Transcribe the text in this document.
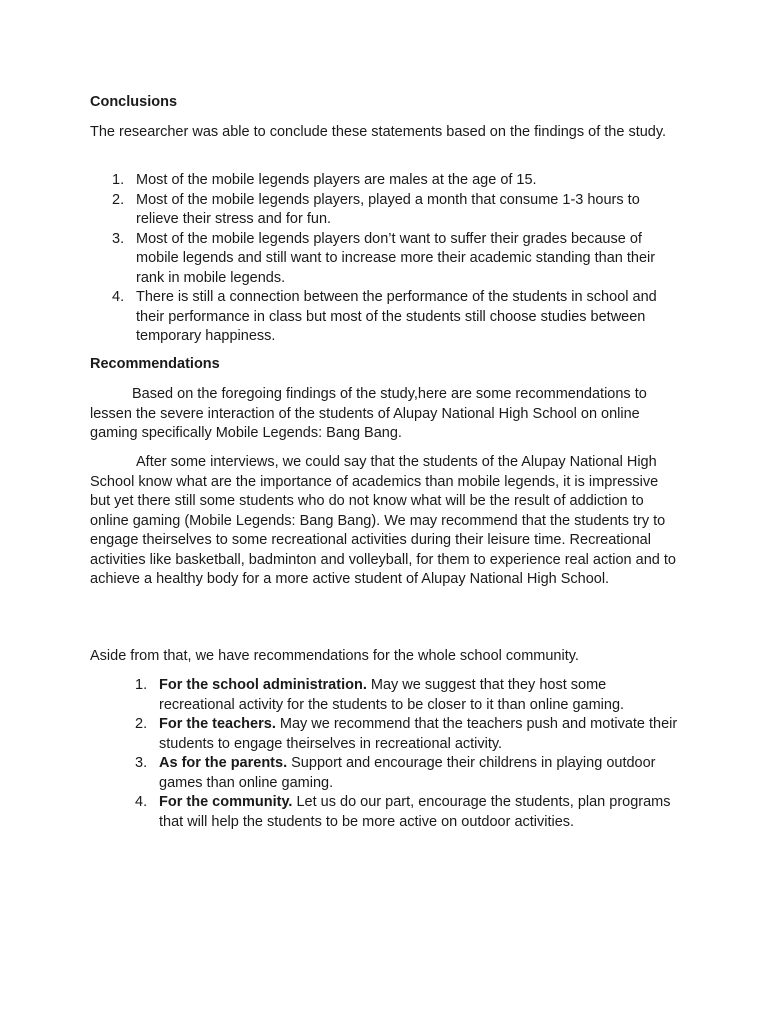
Conclusions

The researcher was able to conclude these statements based on the findings of the study.

1. Most of the mobile legends players are males at the age of 15.
2. Most of the mobile legends players, played a month that consume 1-3 hours to relieve their stress and for fun.
3. Most of the mobile legends players don’t want to suffer their grades because of mobile legends and still want to increase more their academic standing than their rank in mobile legends.
4. There is still a connection between the performance of the students in school and their performance in class but most of the students still choose studies between temporary happiness.
Recommendations

Based on the foregoing findings of the study,here are some recommendations to lessen the severe interaction of the students of Alupay National High School on online gaming specifically Mobile Legends: Bang Bang.

After some interviews, we could say that the students of the Alupay National High School know what are the importance of academics than mobile legends, it is impressive but yet there still some students who do not know what will be the result of addiction to online gaming (Mobile Legends: Bang Bang). We may recommend that the students try to engage theirselves to some recreational activities during their leisure time. Recreational activities like basketball, badminton and volleyball, for them to experience real action and to achieve a healthy body for a more active student of Alupay National High School.

Aside from that, we have recommendations for the whole school community.

1. For the school administration. May we suggest that they host some recreational activity for the students to be closer to it than online gaming.
2. For the teachers. May we recommend that the teachers push and motivate their students to engage theirselves in recreational activity.
3. As for the parents. Support and encourage their childrens in playing outdoor games than online gaming.
4. For the community. Let us do our part, encourage the students, plan programs that will help the students to be more active on outdoor activities.
